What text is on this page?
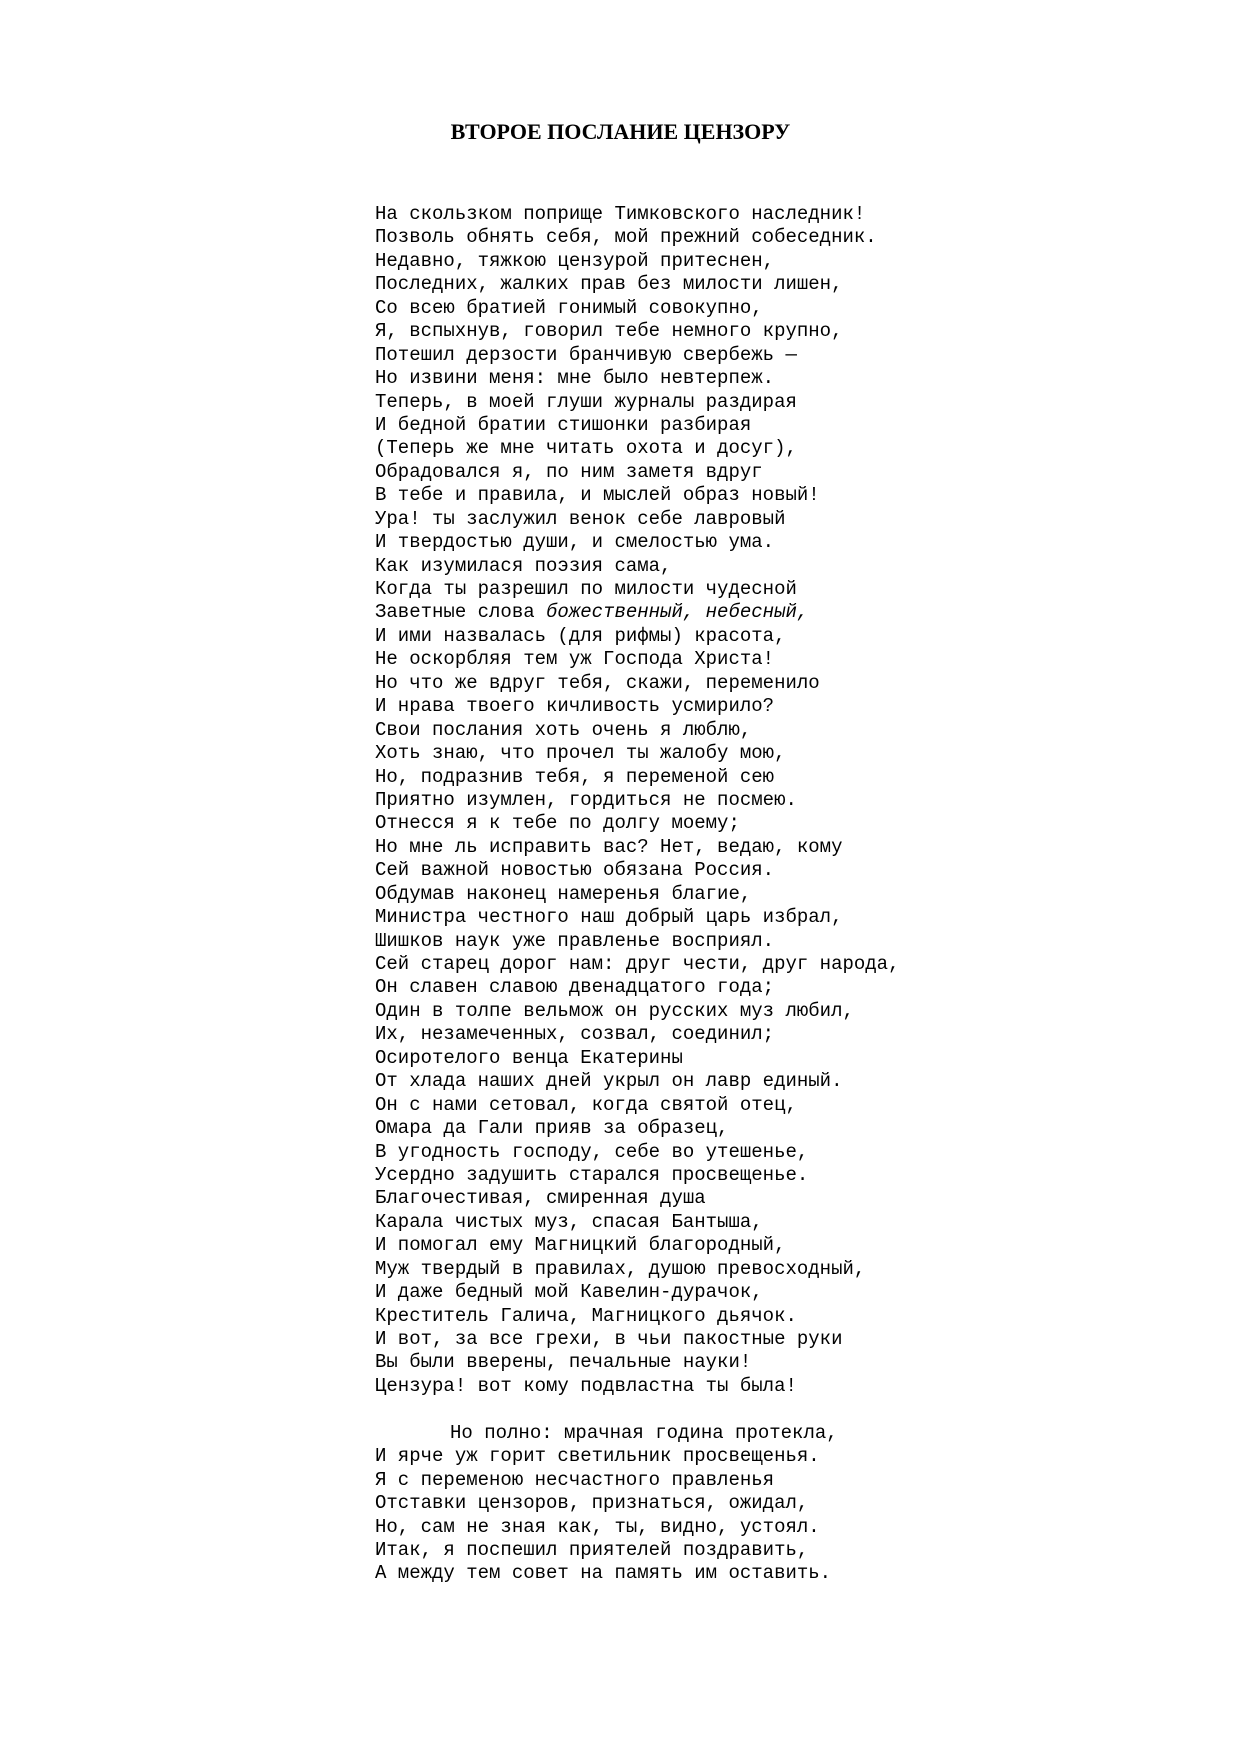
ВТОРОЕ ПОСЛАНИЕ ЦЕНЗОРУ
На скользком поприще Тимковского наследник!
Позволь обнять себя, мой прежний собеседник.
Недавно, тяжкою цензурой притеснен,
Последних, жалких прав без милости лишен,
Со всею братией гонимый совокупно,
Я, вспыхнув, говорил тебе немного крупно,
Потешил дерзости бранчивую свербежь —
Но извини меня: мне было невтерпеж.
Теперь, в моей глуши журналы раздирая
И бедной братии стишонки разбирая
(Теперь же мне читать охота и досуг),
Обрадовался я, по ним заметя вдруг
В тебе и правила, и мыслей образ новый!
Ура! ты заслужил венок себе лавровый
И твердостью души, и смелостью ума.
Как изумилася поэзия сама,
Когда ты разрешил по милости чудесной
Заветные слова божественный, небесный,
И ими назвалась (для рифмы) красота,
Не оскорбляя тем уж Господа Христа!
Но что же вдруг тебя, скажи, переменило
И нрава твоего кичливость усмирило?
Свои послания хоть очень я люблю,
Хоть знаю, что прочел ты жалобу мою,
Но, подразнив тебя, я переменой сею
Приятно изумлен, гордиться не посмею.
Отнесся я к тебе по долгу моему;
Но мне ль исправить вас? Нет, ведаю, кому
Сей важной новостью обязана Россия.
Обдумав наконец намеренья благие,
Министра честного наш добрый царь избрал,
Шишков наук уже правленье восприял.
Сей старец дорог нам: друг чести, друг народа,
Он славен славою двенадцатого года;
Один в толпе вельмож он русских муз любил,
Их, незамеченных, созвал, соединил;
Осиротелого венца Екатерины
От хлада наших дней укрыл он лавр единый.
Он с нами сетовал, когда святой отец,
Омара да Гали прияв за образец,
В угодность господу, себе во утешенье,
Усердно задушить старался просвещенье.
Благочестивая, смиренная душа
Карала чистых муз, спасая Бантыша,
И помогал ему Магницкий благородный,
Муж твердый в правилах, душою превосходный,
И даже бедный мой Кавелин-дурачок,
Креститель Галича, Магницкого дьячок.
И вот, за все грехи, в чьи пакостные руки
Вы были вверены, печальные науки!
Цензура! вот кому подвластна ты была!
Но полно: мрачная година протекла,
И ярче уж горит светильник просвещенья.
Я с переменою несчастного правленья
Отставки цензоров, признаться, ожидал,
Но, сам не зная как, ты, видно, устоял.
Итак, я поспешил приятелей поздравить,
А между тем совет на память им оставить.
